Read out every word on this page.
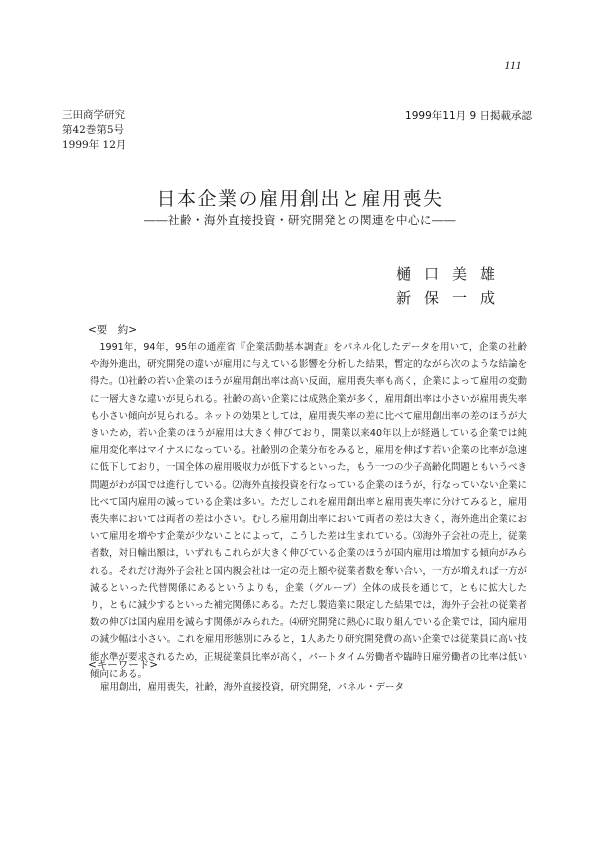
111
三田商学研究
第42巻第5号
1999年 12月
1999年11月 9 日掲載承認
日本企業の雇用創出と雇用喪失
――社齢・海外直接投資・研究開発との関連を中心に――
樋口美雄
新保一成
<要　約>

1991年，94年，95年の通産省『企業活動基本調査』をパネル化したデータを用いて，企業の社齢や海外進出，研究開発の違いが雇用に与えている影響を分析した結果，暫定的ながら次のような結論を得た。⑴社齢の若い企業のほうが雇用創出率は高い反面，雇用喪失率も高く，企業によって雇用の変動に一層大きな違いが見られる。社齢の高い企業には成熟企業が多く，雇用創出率は小さいが雇用喪失率も小さい傾向が見られる。ネットの効果としては，雇用喪失率の差に比べて雇用創出率の差のほうが大きいため，若い企業のほうが雇用は大きく伸びており，開業以来40年以上が経過している企業では純雇用変化率はマイナスになっている。社齢別の企業分布をみると，雇用を伸ばす若い企業の比率が急速に低下しており，一国全体の雇用吸収力が低下するといった，もう一つの少子高齢化問題ともいうべき問題がわが国では進行している。⑵海外直接投資を行なっている企業のほうが，行なっていない企業に比べて国内雇用の減っている企業は多い。ただしこれを雇用創出率と雇用喪失率に分けてみると，雇用喪失率においては両者の差は小さい。むしろ雇用創出率において両者の差は大きく，海外進出企業において雇用を増やす企業が少ないことによって，こうした差は生まれている。⑶海外子会社の売上，従業者数，対日輸出額は，いずれもこれらが大きく伸びている企業のほうが国内雇用は増加する傾向がみられる。それだけ海外子会社と国内親会社は一定の売上額や従業者数を奪い合い，一方が増えれば一方が減るといった代替関係にあるというよりも，企業（グループ）全体の成長を通じて，ともに拡大したり，ともに減少するといった補完関係にある。ただし製造業に限定した結果では，海外子会社の従業者数の伸びは国内雇用を減らす関係がみられた。⑷研究開発に熱心に取り組んでいる企業では，国内雇用の減少幅は小さい。これを雇用形態別にみると，1人あたり研究開発費の高い企業では従業員に高い技能水準が要求されるため，正規従業員比率が高く，パートタイム労働者や臨時日雇労働者の比率は低い傾向にある。

<キーワード>
雇用創出，雇用喪失，社齢，海外直接投資，研究開発，パネル・データ
